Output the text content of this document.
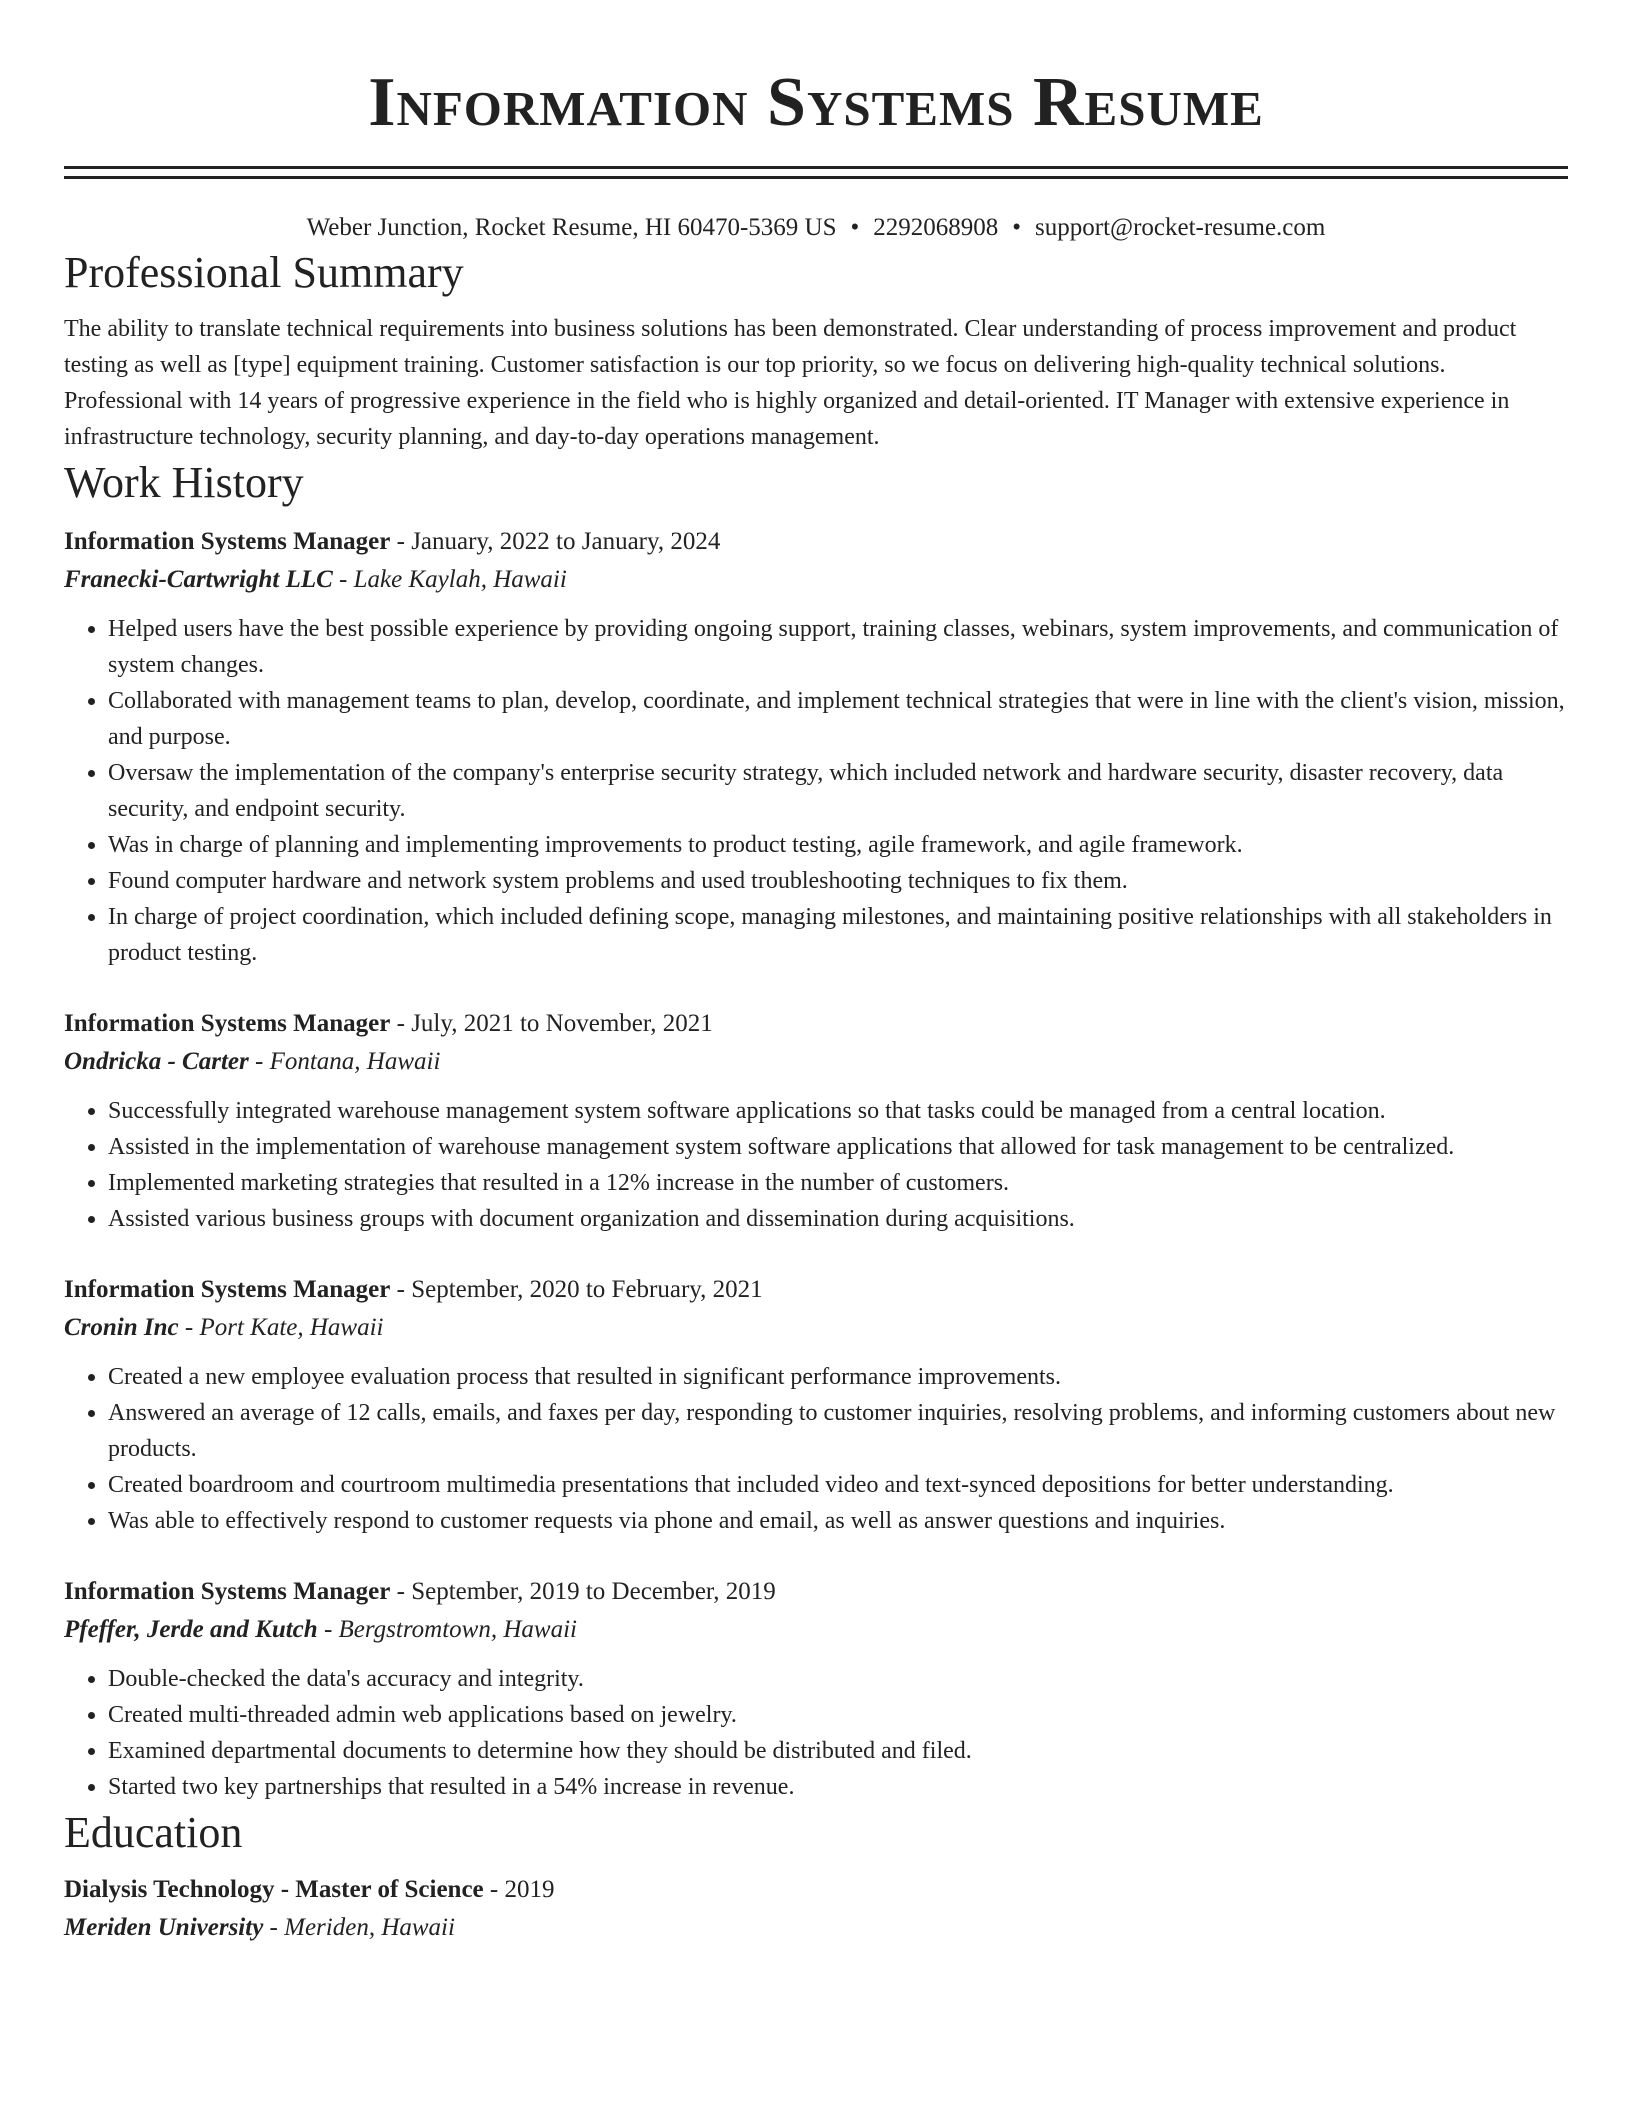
Information Systems Resume
Weber Junction, Rocket Resume, HI 60470-5369 US • 2292068908 • support@rocket-resume.com
Professional Summary

The ability to translate technical requirements into business solutions has been demonstrated. Clear understanding of process improvement and product testing as well as [type] equipment training. Customer satisfaction is our top priority, so we focus on delivering high-quality technical solutions. Professional with 14 years of progressive experience in the field who is highly organized and detail-oriented. IT Manager with extensive experience in infrastructure technology, security planning, and day-to-day operations management.

Work History
Information Systems Manager - January, 2022 to January, 2024
Franecki-Cartwright LLC - Lake Kaylah, Hawaii
• Helped users have the best possible experience by providing ongoing support, training classes, webinars, system improvements, and communication of system changes.
• Collaborated with management teams to plan, develop, coordinate, and implement technical strategies that were in line with the client's vision, mission, and purpose.
• Oversaw the implementation of the company's enterprise security strategy, which included network and hardware security, disaster recovery, data security, and endpoint security.
• Was in charge of planning and implementing improvements to product testing, agile framework, and agile framework.
• Found computer hardware and network system problems and used troubleshooting techniques to fix them.
• In charge of project coordination, which included defining scope, managing milestones, and maintaining positive relationships with all stakeholders in product testing.
Information Systems Manager - July, 2021 to November, 2021
Ondricka - Carter - Fontana, Hawaii
• Successfully integrated warehouse management system software applications so that tasks could be managed from a central location.
• Assisted in the implementation of warehouse management system software applications that allowed for task management to be centralized.
• Implemented marketing strategies that resulted in a 12% increase in the number of customers.
• Assisted various business groups with document organization and dissemination during acquisitions.
Information Systems Manager - September, 2020 to February, 2021
Cronin Inc - Port Kate, Hawaii
• Created a new employee evaluation process that resulted in significant performance improvements.
• Answered an average of 12 calls, emails, and faxes per day, responding to customer inquiries, resolving problems, and informing customers about new products.
• Created boardroom and courtroom multimedia presentations that included video and text-synced depositions for better understanding.
• Was able to effectively respond to customer requests via phone and email, as well as answer questions and inquiries.
Information Systems Manager - September, 2019 to December, 2019
Pfeffer, Jerde and Kutch - Bergstromtown, Hawaii
• Double-checked the data's accuracy and integrity.
• Created multi-threaded admin web applications based on jewelry.
• Examined departmental documents to determine how they should be distributed and filed.
• Started two key partnerships that resulted in a 54% increase in revenue.
Education
Dialysis Technology - Master of Science - 2019
Meriden University - Meriden, Hawaii
